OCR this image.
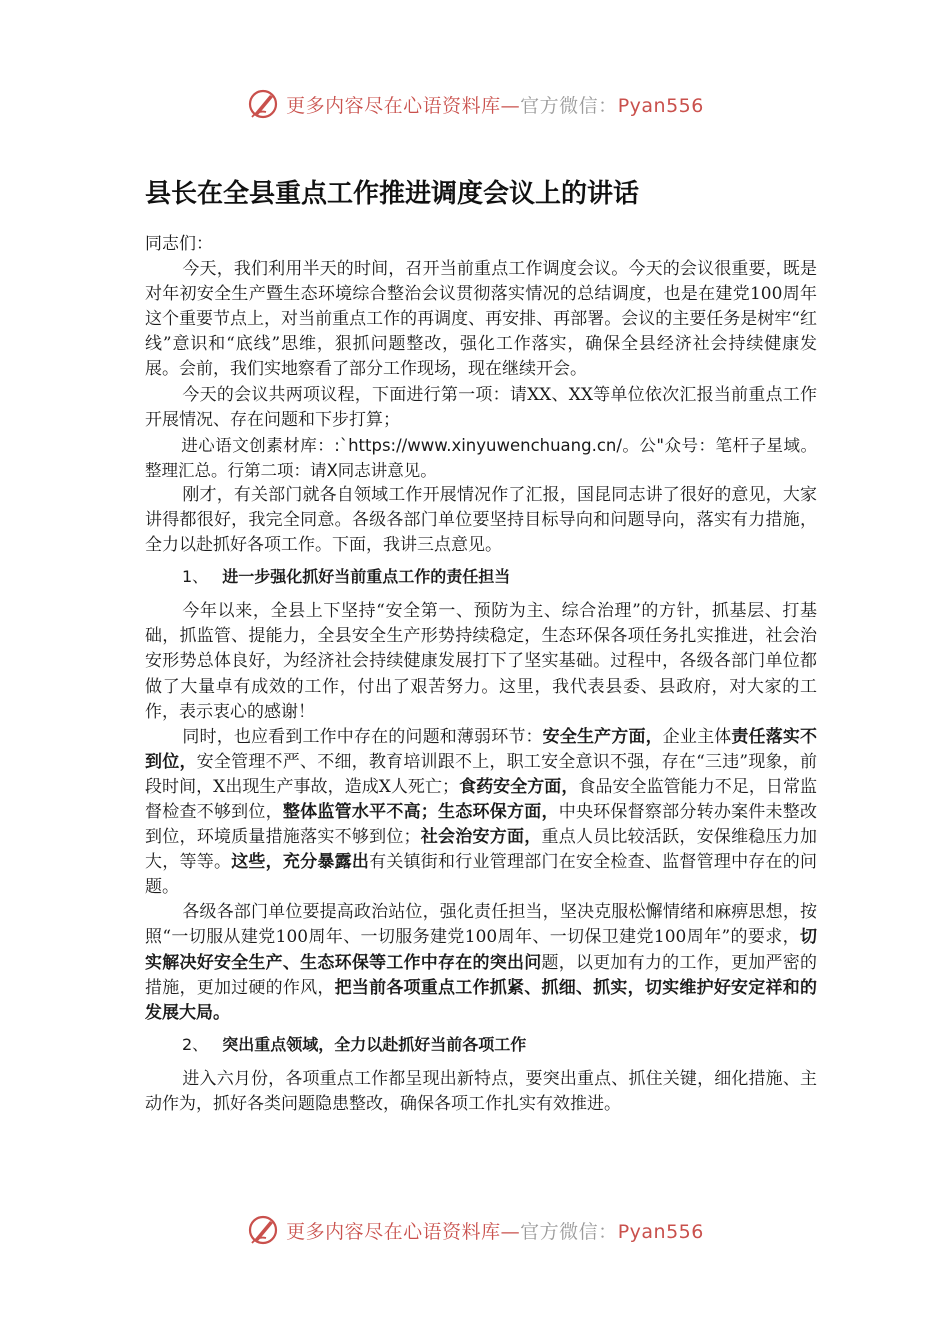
更多内容尽在心语资料库—官方微信：Pyan556
县长在全县重点工作推进调度会议上的讲话

同志们：

今天，我们利用半天的时间，召开当前重点工作调度会议。今天的会议很重要，既是对年初安全生产暨生态环境综合整治会议贯彻落实情况的总结调度，也是在建党100周年这个重要节点上，对当前重点工作的再调度、再安排、再部署。会议的主要任务是树牢“红线”意识和“底线”思维，狠抓问题整改，强化工作落实，确保全县经济社会持续健康发展。会前，我们实地察看了部分工作现场，现在继续开会。

今天的会议共两项议程，下面进行第一项：请XX、XX等单位依次汇报当前重点工作开展情况、存在问题和下步打算；

进心语文创素材库：:`https://www.xinyuwenchuang.cn/。公"众号：笔杆子星域。整理汇总。行第二项：请X同志讲意见。

刚才，有关部门就各自领域工作开展情况作了汇报，国昆同志讲了很好的意见，大家讲得都很好，我完全同意。各级各部门单位要坚持目标导向和问题导向，落实有力措施，全力以赴抓好各项工作。下面，我讲三点意见。

1、 进一步强化抓好当前重点工作的责任担当

今年以来，全县上下坚持“安全第一、预防为主、综合治理”的方针，抓基层、打基础，抓监管、提能力，全县安全生产形势持续稳定，生态环保各项任务扎实推进，社会治安形势总体良好，为经济社会持续健康发展打下了坚实基础。过程中，各级各部门单位都做了大量卓有成效的工作，付出了艰苦努力。这里，我代表县委、县政府，对大家的工作，表示衷心的感谢！

同时，也应看到工作中存在的问题和薄弱环节：安全生产方面，企业主体责任落实不到位，安全管理不严、不细，教育培训跟不上，职工安全意识不强，存在“三违”现象，前段时间，X出现生产事故，造成X人死亡；食药安全方面，食品安全监管能力不足，日常监督检查不够到位，整体监管水平不高；生态环保方面，中央环保督察部分转办案件未整改到位，环境质量措施落实不够到位；社会治安方面，重点人员比较活跃，安保维稳压力加大，等等。这些，充分暴露出有关镇街和行业管理部门在安全检查、监督管理中存在的问题。

各级各部门单位要提高政治站位，强化责任担当，坚决克服松懈情绪和麻痹思想，按照“一切服从建党100周年、一切服务建党100周年、一切保卫建党100周年”的要求，切实解决好安全生产、生态环保等工作中存在的突出问题，以更加有力的工作，更加严密的措施，更加过硬的作风，把当前各项重点工作抓紧、抓细、抓实，切实维护好安定祥和的发展大局。

2、 突出重点领域，全力以赴抓好当前各项工作

进入六月份，各项重点工作都呈现出新特点，要突出重点、抓住关键，细化措施、主动作为，抓好各类问题隐患整改，确保各项工作扎实有效推进。

更多内容尽在心语资料库—官方微信：Pyan556
